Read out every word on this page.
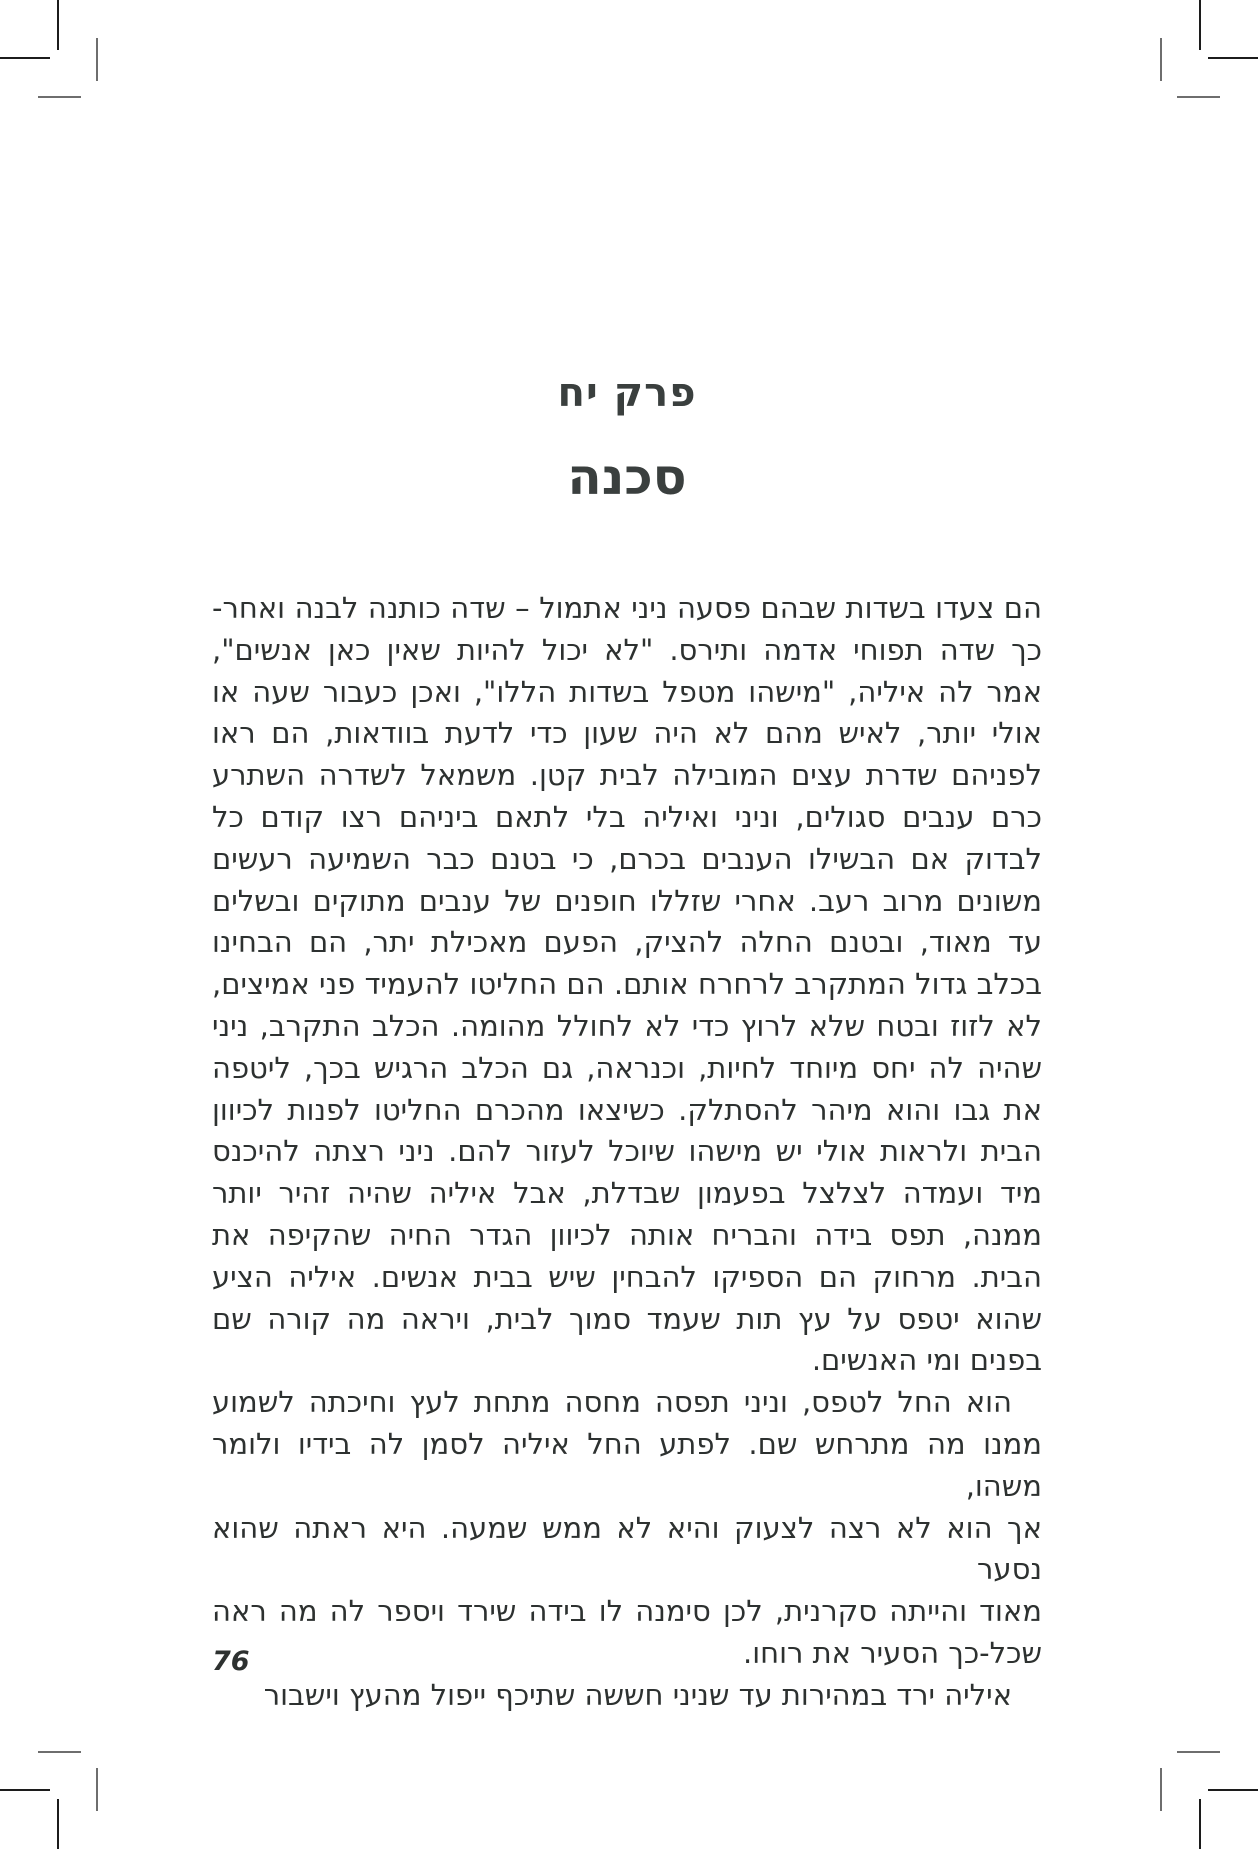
פרק יח
סכנה
הם צעדו בשדות שבהם פסעה ניני אתמול – שדה כותנה לבנה ואחר-
כך שדה תפוחי אדמה ותירס. "לא יכול להיות שאין כאן אנשים",
אמר לה איליה, "מישהו מטפל בשדות הללו", ואכן כעבור שעה או
אולי יותר, לאיש מהם לא היה שעון כדי לדעת בוודאות, הם ראו
לפניהם שדרת עצים המובילה לבית קטן. משמאל לשדרה השתרע
כרם ענבים סגולים, וניני ואיליה בלי לתאם ביניהם רצו קודם כל
לבדוק אם הבשילו הענבים בכרם, כי בטנם כבר השמיעה רעשים
משונים מרוב רעב. אחרי שזללו חופנים של ענבים מתוקים ובשלים
עד מאוד, ובטנם החלה להציק, הפעם מאכילת יתר, הם הבחינו
בכלב גדול המתקרב לרחרח אותם. הם החליטו להעמיד פני אמיצים,
לא לזוז ובטח שלא לרוץ כדי לא לחולל מהומה. הכלב התקרב, ניני
שהיה לה יחס מיוחד לחיות, וכנראה, גם הכלב הרגיש בכך, ליטפה
את גבו והוא מיהר להסתלק. כשיצאו מהכרם החליטו לפנות לכיוון
הבית ולראות אולי יש מישהו שיוכל לעזור להם. ניני רצתה להיכנס
מיד ועמדה לצלצל בפעמון שבדלת, אבל איליה שהיה זהיר יותר
ממנה, תפס בידה והבריח אותה לכיוון הגדר החיה שהקיפה את
הבית. מרחוק הם הספיקו להבחין שיש בבית אנשים. איליה הציע
שהוא יטפס על עץ תות שעמד סמוך לבית, ויראה מה קורה שם
בפנים ומי האנשים.
הוא החל לטפס, וניני תפסה מחסה מתחת לעץ וחיכתה לשמוע
ממנו מה מתרחש שם. לפתע החל איליה לסמן לה בידיו ולומר משהו,
אך הוא לא רצה לצעוק והיא לא ממש שמעה. היא ראתה שהוא נסער
מאוד והייתה סקרנית, לכן סימנה לו בידה שירד ויספר לה מה ראה
שכל-כך הסעיר את רוחו.
איליה ירד במהירות עד שניני חששה שתיכף ייפול מהעץ וישבור
76
